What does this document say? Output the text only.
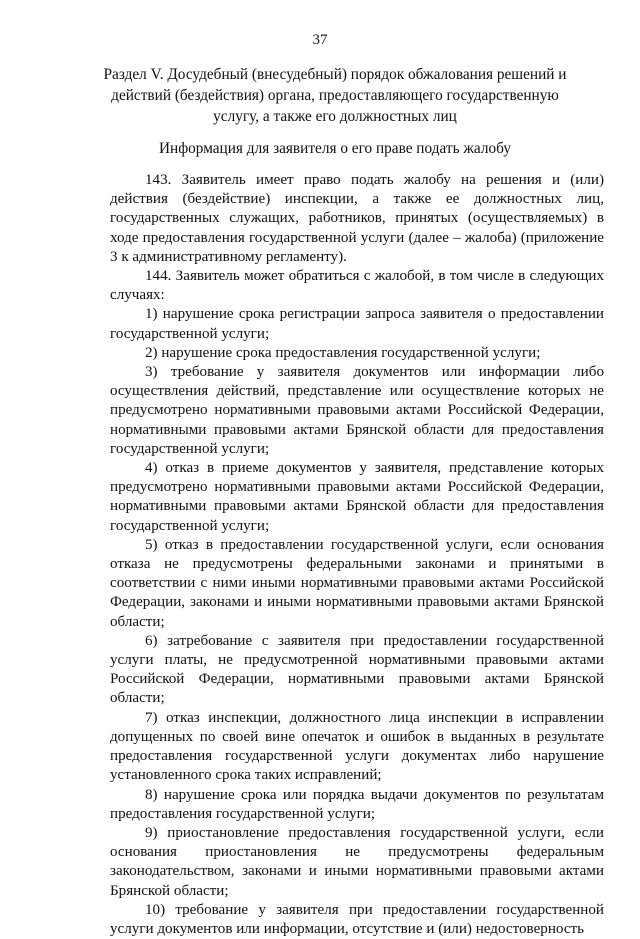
37
Раздел V. Досудебный (внесудебный) порядок обжалования решений и действий (бездействия) органа, предоставляющего государственную услугу, а также его должностных лиц
Информация для заявителя о его праве подать жалобу

143. Заявитель имеет право подать жалобу на решения и (или) действия (бездействие) инспекции, а также ее должностных лиц, государственных служащих, работников, принятых (осуществляемых) в ходе предоставления государственной услуги (далее – жалоба) (приложение 3 к административному регламенту).

144. Заявитель может обратиться с жалобой, в том числе в следующих случаях:

1) нарушение срока регистрации запроса заявителя о предоставлении государственной услуги;

2) нарушение срока предоставления государственной услуги;

3) требование у заявителя документов или информации либо осуществления действий, представление или осуществление которых не предусмотрено нормативными правовыми актами Российской Федерации, нормативными правовыми актами Брянской области для предоставления государственной услуги;

4) отказ в приеме документов у заявителя, представление которых предусмотрено нормативными правовыми актами Российской Федерации, нормативными правовыми актами Брянской области для предоставления государственной услуги;

5) отказ в предоставлении государственной услуги, если основания отказа не предусмотрены федеральными законами и принятыми в соответствии с ними иными нормативными правовыми актами Российской Федерации, законами и иными нормативными правовыми актами Брянской области;

6) затребование с заявителя при предоставлении государственной услуги платы, не предусмотренной нормативными правовыми актами Российской Федерации, нормативными правовыми актами Брянской области;

7) отказ инспекции, должностного лица инспекции в исправлении допущенных по своей вине опечаток и ошибок в выданных в результате предоставления государственной услуги документах либо нарушение установленного срока таких исправлений;

8) нарушение срока или порядка выдачи документов по результатам предоставления государственной услуги;

9) приостановление предоставления государственной услуги, если основания приостановления не предусмотрены федеральным законодательством, законами и иными нормативными правовыми актами Брянской области;

10) требование у заявителя при предоставлении государственной услуги документов или информации, отсутствие и (или) недостоверность
